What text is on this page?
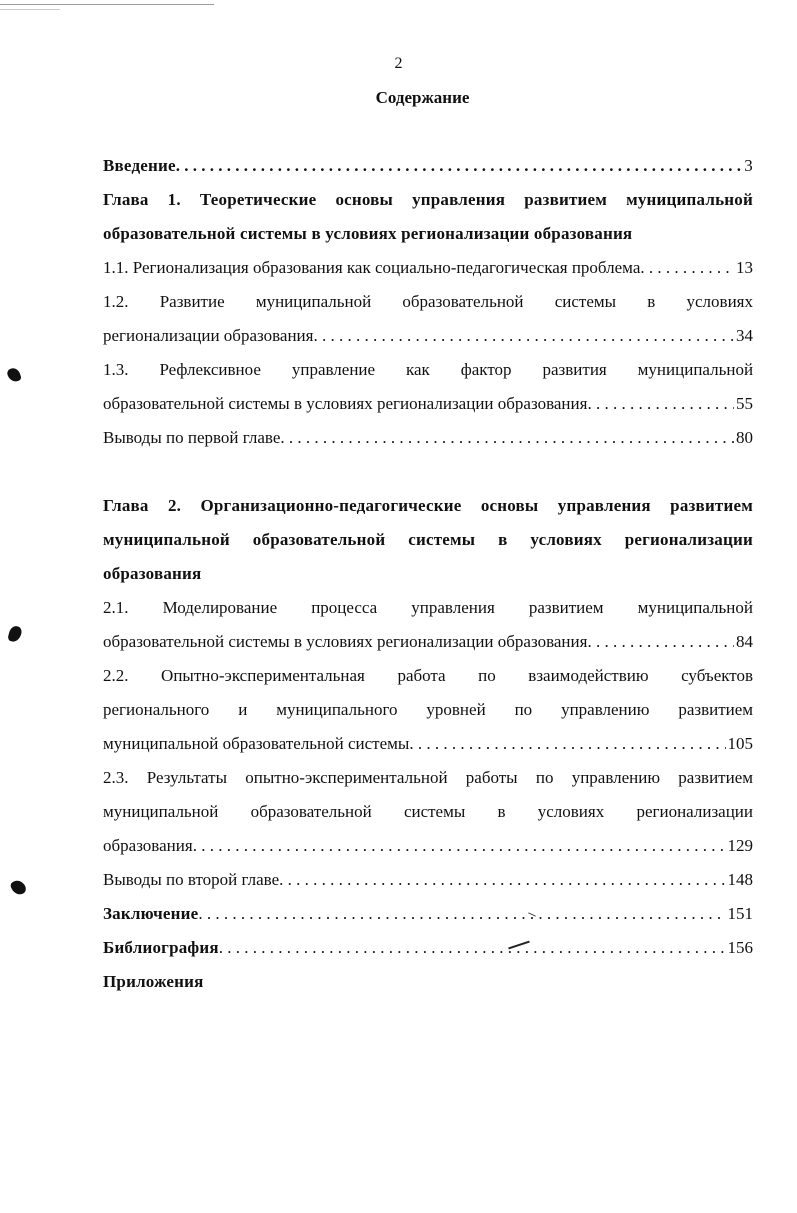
2
Содержание
Введение . . .	3
Глава 1. Теоретические основы управления развитием муниципальной
образовательной системы в условиях регионализации образования
1.1. Регионализация образования как социально-педагогическая проблема . . .	13
1.2. Развитие муниципальной образовательной системы в условиях
регионализации образования . . .	34
1.3. Рефлексивное управление как фактор развития муниципальной
образовательной системы в условиях регионализации образования . . .	55
Выводы по первой главе . . .	80
Глава 2. Организационно-педагогические основы управления развитием
муниципальной образовательной системы в условиях регионализации
образования
2.1. Моделирование процесса управления развитием муниципальной
образовательной системы в условиях регионализации образования . . .	84
2.2. Опытно-экспериментальная работа по взаимодействию субъектов
регионального и муниципального уровней по управлению развитием
муниципальной образовательной системы . . .	105
2.3. Результаты опытно-экспериментальной работы по управлению развитием
муниципальной образовательной системы в условиях регионализации
образования . . .	129
Выводы по второй главе . . .	148
Заключение . . .	151
Библиография . . .	156
Приложения
